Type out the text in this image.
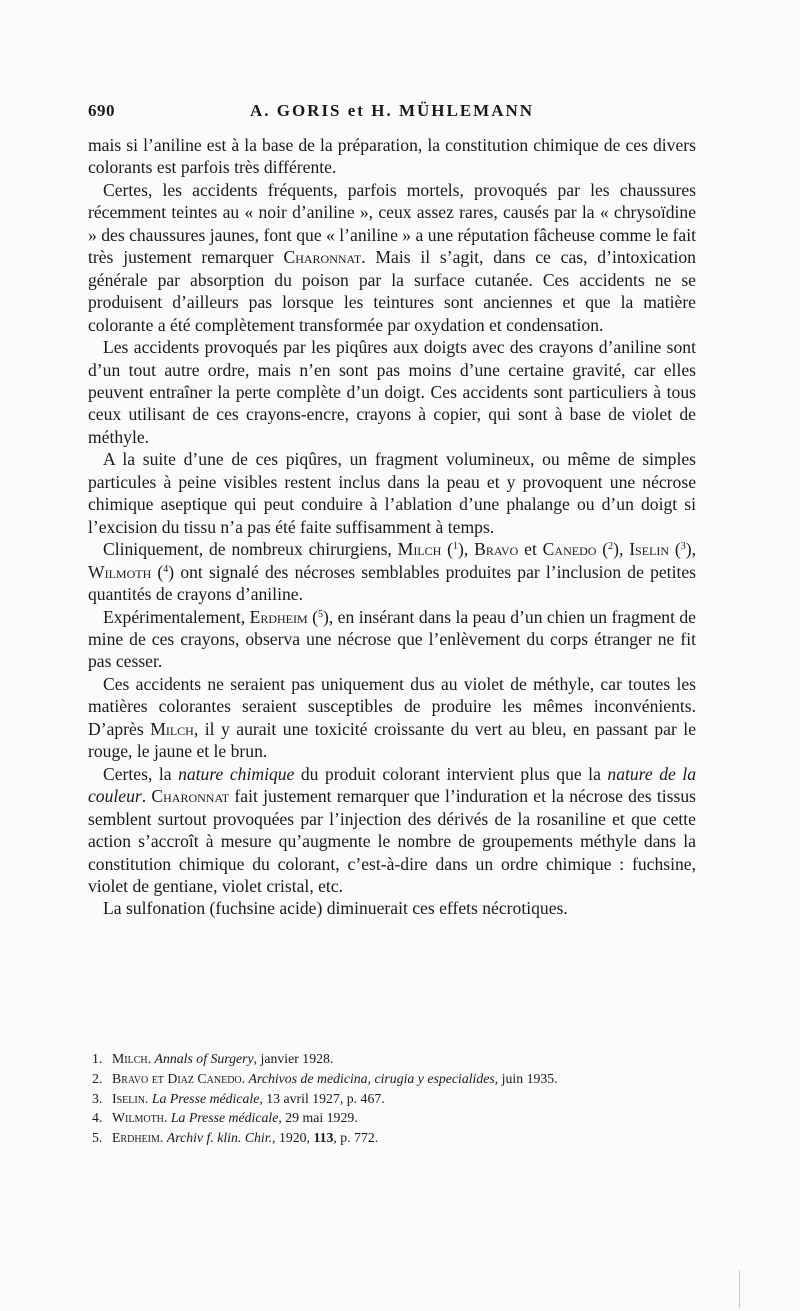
690	A. GORIS et H. MÜHLEMANN

mais si l’aniline est à la base de la préparation, la constitution chimique de ces divers colorants est parfois très différente.

Certes, les accidents fréquents, parfois mortels, provoqués par les chaussures récemment teintes au « noir d’aniline », ceux assez rares, causés par la « chrysoïdine » des chaussures jaunes, font que « l’aniline » a une réputation fâcheuse comme le fait très justement remarquer Charonnat. Mais il s’agit, dans ce cas, d’intoxication générale par absorption du poison par la surface cutanée. Ces accidents ne se produisent d’ailleurs pas lorsque les teintures sont anciennes et que la matière colorante a été complètement transformée par oxydation et condensation.

Les accidents provoqués par les piqûres aux doigts avec des crayons d’aniline sont d’un tout autre ordre, mais n’en sont pas moins d’une certaine gravité, car elles peuvent entraîner la perte complète d’un doigt. Ces accidents sont particuliers à tous ceux utilisant de ces crayons-encre, crayons à copier, qui sont à base de violet de méthyle.

A la suite d’une de ces piqûres, un fragment volumineux, ou même de simples particules à peine visibles restent inclus dans la peau et y provoquent une nécrose chimique aseptique qui peut conduire à l’ablation d’une phalange ou d’un doigt si l’excision du tissu n’a pas été faite suffisamment à temps.

Cliniquement, de nombreux chirurgiens, Milch ($^1$), Bravo et Canedo ($^2$), Iselin ($^3$), Wilmoth ($^4$) ont signalé des nécroses semblables produites par l’inclusion de petites quantités de crayons d’aniline.

Expérimentalement, Erdheim ($^5$), en insérant dans la peau d’un chien un fragment de mine de ces crayons, observa une nécrose que l’enlèvement du corps étranger ne fit pas cesser.

Ces accidents ne seraient pas uniquement dus au violet de méthyle, car toutes les matières colorantes seraient susceptibles de produire les mêmes inconvénients. D’après Milch, il y aurait une toxicité croissante du vert au bleu, en passant par le rouge, le jaune et le brun.

Certes, la nature chimique du produit colorant intervient plus que la nature de la couleur. Charonnat fait justement remarquer que l’induration et la nécrose des tissus semblent surtout provoquées par l’injection des dérivés de la rosaniline et que cette action s’accroît à mesure qu’augmente le nombre de groupements méthyle dans la constitution chimique du colorant, c’est-à-dire dans un ordre chimique : fuchsine, violet de gentiane, violet cristal, etc.

La sulfonation (fuchsine acide) diminuerait ces effets nécrotiques.

1. Milch. Annals of Surgery, janvier 1928.
2. Bravo et Diaz Canedo. Archivos de medicina, cirugia y especialides, juin 1935.
3. Iselin. La Presse médicale, 13 avril 1927, p. 467.
4. Wilmoth. La Presse médicale, 29 mai 1929.
5. Erdheim. Archiv f. klin. Chir., 1920, 113, p. 772.
